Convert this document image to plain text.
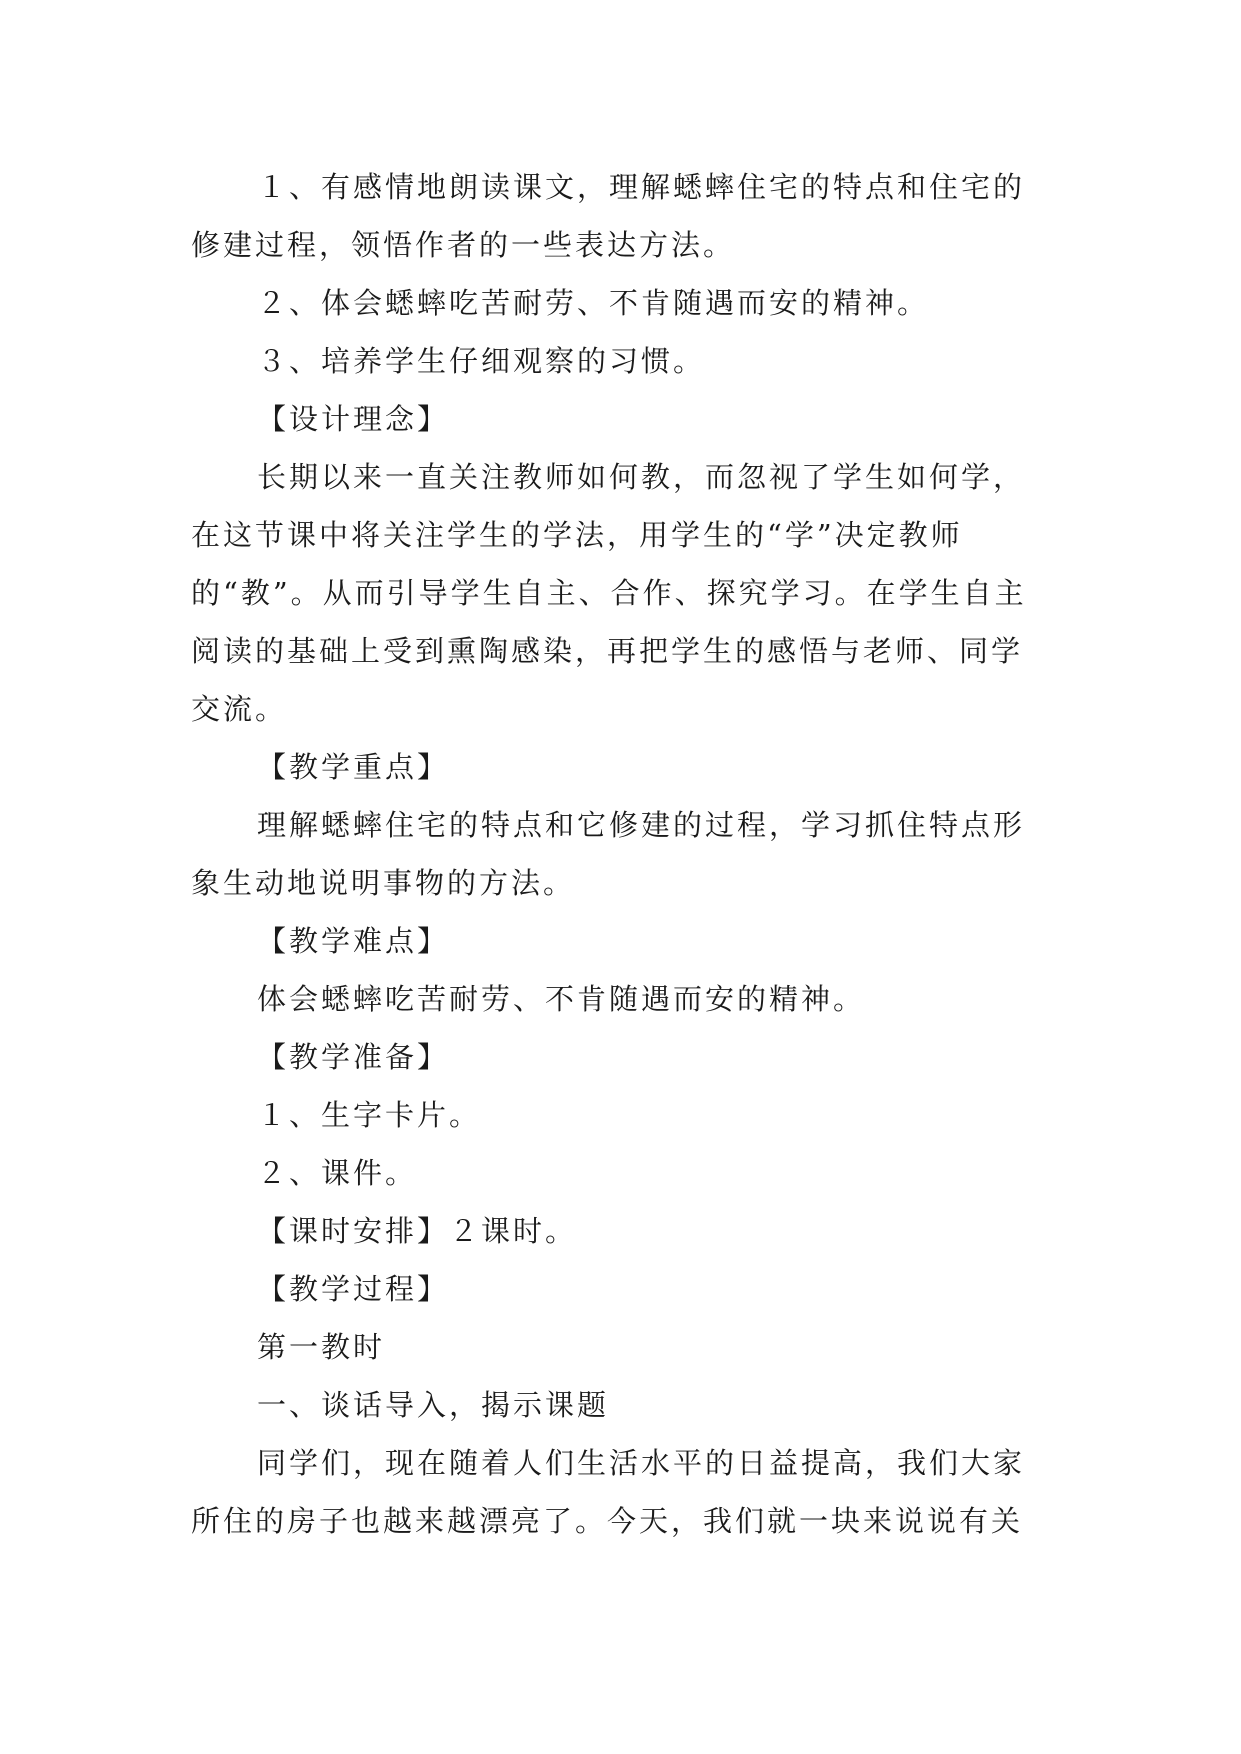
１、有感情地朗读课文，理解蟋蟀住宅的特点和住宅的修建过程，领悟作者的一些表达方法。

２、体会蟋蟀吃苦耐劳、不肯随遇而安的精神。

３、培养学生仔细观察的习惯。

【设计理念】

长期以来一直关注教师如何教，而忽视了学生如何学，在这节课中将关注学生的学法，用学生的“学”决定教师的“教”。从而引导学生自主、合作、探究学习。在学生自主阅读的基础上受到熏陶感染，再把学生的感悟与老师、同学交流。

【教学重点】

理解蟋蟀住宅的特点和它修建的过程，学习抓住特点形象生动地说明事物的方法。

【教学难点】

体会蟋蟀吃苦耐劳、不肯随遇而安的精神。

【教学准备】

１、生字卡片。

２、课件。

【课时安排】２课时。

【教学过程】

第一教时

一、谈话导入，揭示课题

同学们，现在随着人们生活水平的日益提高，我们大家所住的房子也越来越漂亮了。今天，我们就一块来说说有关
